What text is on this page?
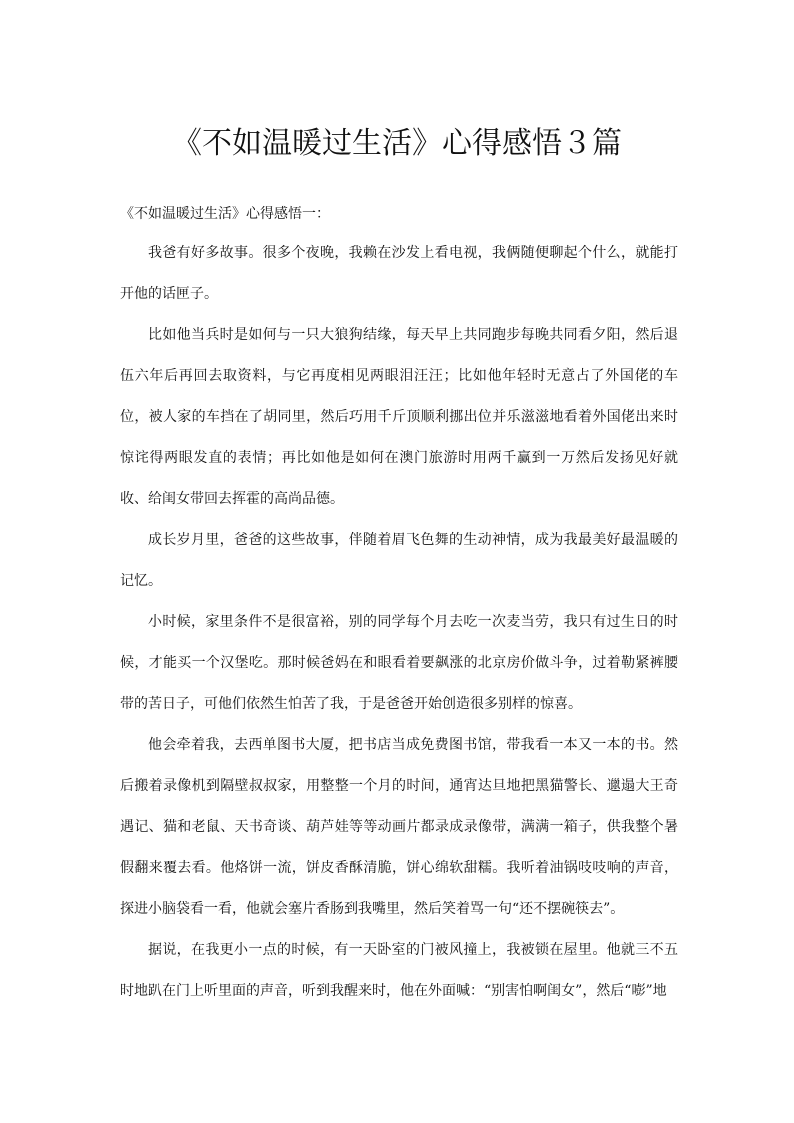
《不如温暖过生活》心得感悟３篇

《不如温暖过生活》心得感悟一：

我爸有好多故事。很多个夜晚，我赖在沙发上看电视，我俩随便聊起个什么，就能打开他的话匣子。

比如他当兵时是如何与一只大狼狗结缘，每天早上共同跑步每晚共同看夕阳，然后退伍六年后再回去取资料，与它再度相见两眼泪汪汪；比如他年轻时无意占了外国佬的车位，被人家的车挡在了胡同里，然后巧用千斤顶顺利挪出位并乐滋滋地看着外国佬出来时惊诧得两眼发直的表情；再比如他是如何在澳门旅游时用两千赢到一万然后发扬见好就收、给闺女带回去挥霍的高尚品德。

成长岁月里，爸爸的这些故事，伴随着眉飞色舞的生动神情，成为我最美好最温暖的记忆。

小时候，家里条件不是很富裕，别的同学每个月去吃一次麦当劳，我只有过生日的时候，才能买一个汉堡吃。那时候爸妈在和眼看着要飙涨的北京房价做斗争，过着勒紧裤腰带的苦日子，可他们依然生怕苦了我，于是爸爸开始创造很多别样的惊喜。

他会牵着我，去西单图书大厦，把书店当成免费图书馆，带我看一本又一本的书。然后搬着录像机到隔壁叔叔家，用整整一个月的时间，通宵达旦地把黑猫警长、邋遢大王奇遇记、猫和老鼠、天书奇谈、葫芦娃等等动画片都录成录像带，满满一箱子，供我整个暑假翻来覆去看。他烙饼一流，饼皮香酥清脆，饼心绵软甜糯。我听着油锅吱吱响的声音，探进小脑袋看一看，他就会塞片香肠到我嘴里，然后笑着骂一句“还不摆碗筷去”。

据说，在我更小一点的时候，有一天卧室的门被风撞上，我被锁在屋里。他就三不五时地趴在门上听里面的声音，听到我醒来时，他在外面喊：“别害怕啊闺女”，然后“嘭”地
